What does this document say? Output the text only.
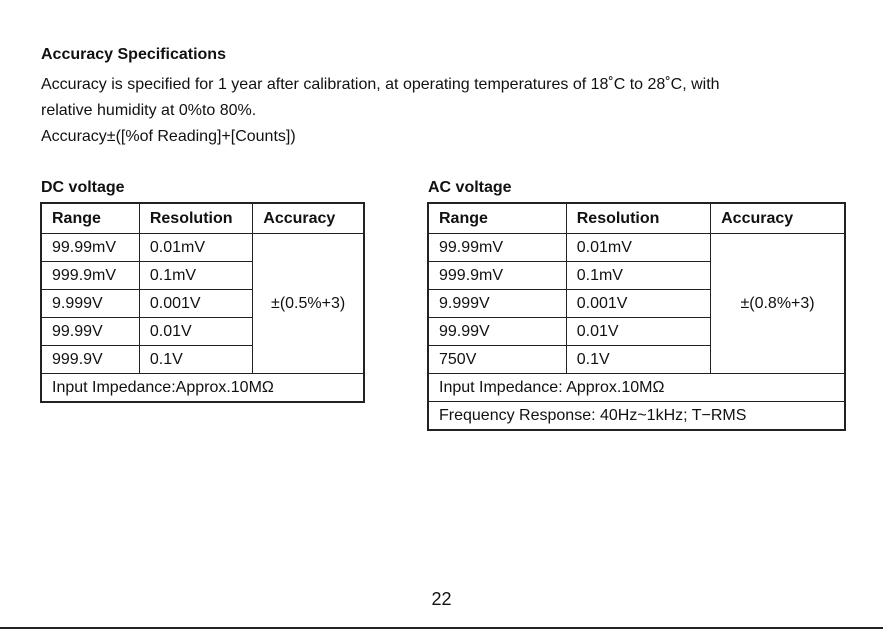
Accuracy Specifications
Accuracy is specified for 1 year after calibration, at operating temperatures of 18˚C to 28˚C, with
relative humidity at 0%to 80%.
Accuracy±([%of Reading]+[Counts])
DC voltage	AC voltage
Range	Resolution	Accuracy
99.99mV	0.01mV	±(0.5%+3)
999.9mV	0.1mV	
9.999V	0.001V	
99.99V	0.01V	
999.9V	0.1V	
Input Impedance:Approx.10MΩ		
Range	Resolution	Accuracy
99.99mV	0.01mV	±(0.8%+3)
999.9mV	0.1mV	
9.999V	0.001V	
99.99V	0.01V	
750V	0.1V	
Input Impedance: Approx.10MΩ		
Frequency Response: 40Hz~1kHz; T−RMS		
22
